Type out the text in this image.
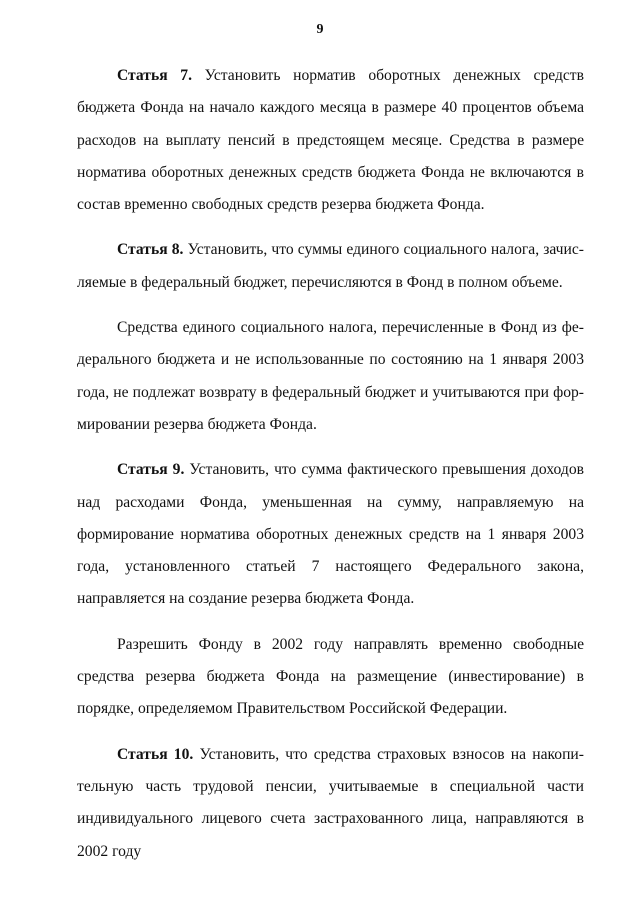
9

Статья 7. Установить норматив оборотных денежных средств бюджета Фонда на начало каждого месяца в размере 40 процентов объема расходов на выплату пенсий в предстоящем месяце. Средства в размере норматива оборотных денежных средств бюджета Фонда не включаются в состав временно свободных средств резерва бюджета Фонда.

Статья 8. Установить, что суммы единого социального налога, зачисляемые в федеральный бюджет, перечисляются в Фонд в полном объеме.

Средства единого социального налога, перечисленные в Фонд из федерального бюджета и не использованные по состоянию на 1 января 2003 года, не подлежат возврату в федеральный бюджет и учитываются при формировании резерва бюджета Фонда.

Статья 9. Установить, что сумма фактического превышения доходов над расходами Фонда, уменьшенная на сумму, направляемую на формирование норматива оборотных денежных средств на 1 января 2003 года, установленного статьей 7 настоящего Федерального закона, направляется на создание резерва бюджета Фонда.

Разрешить Фонду в 2002 году направлять временно свободные средства резерва бюджета Фонда на размещение (инвестирование) в порядке, определяемом Правительством Российской Федерации.

Статья 10. Установить, что средства страховых взносов на накопительную часть трудовой пенсии, учитываемые в специальной части индивидуального лицевого счета застрахованного лица, направляются в 2002 году
